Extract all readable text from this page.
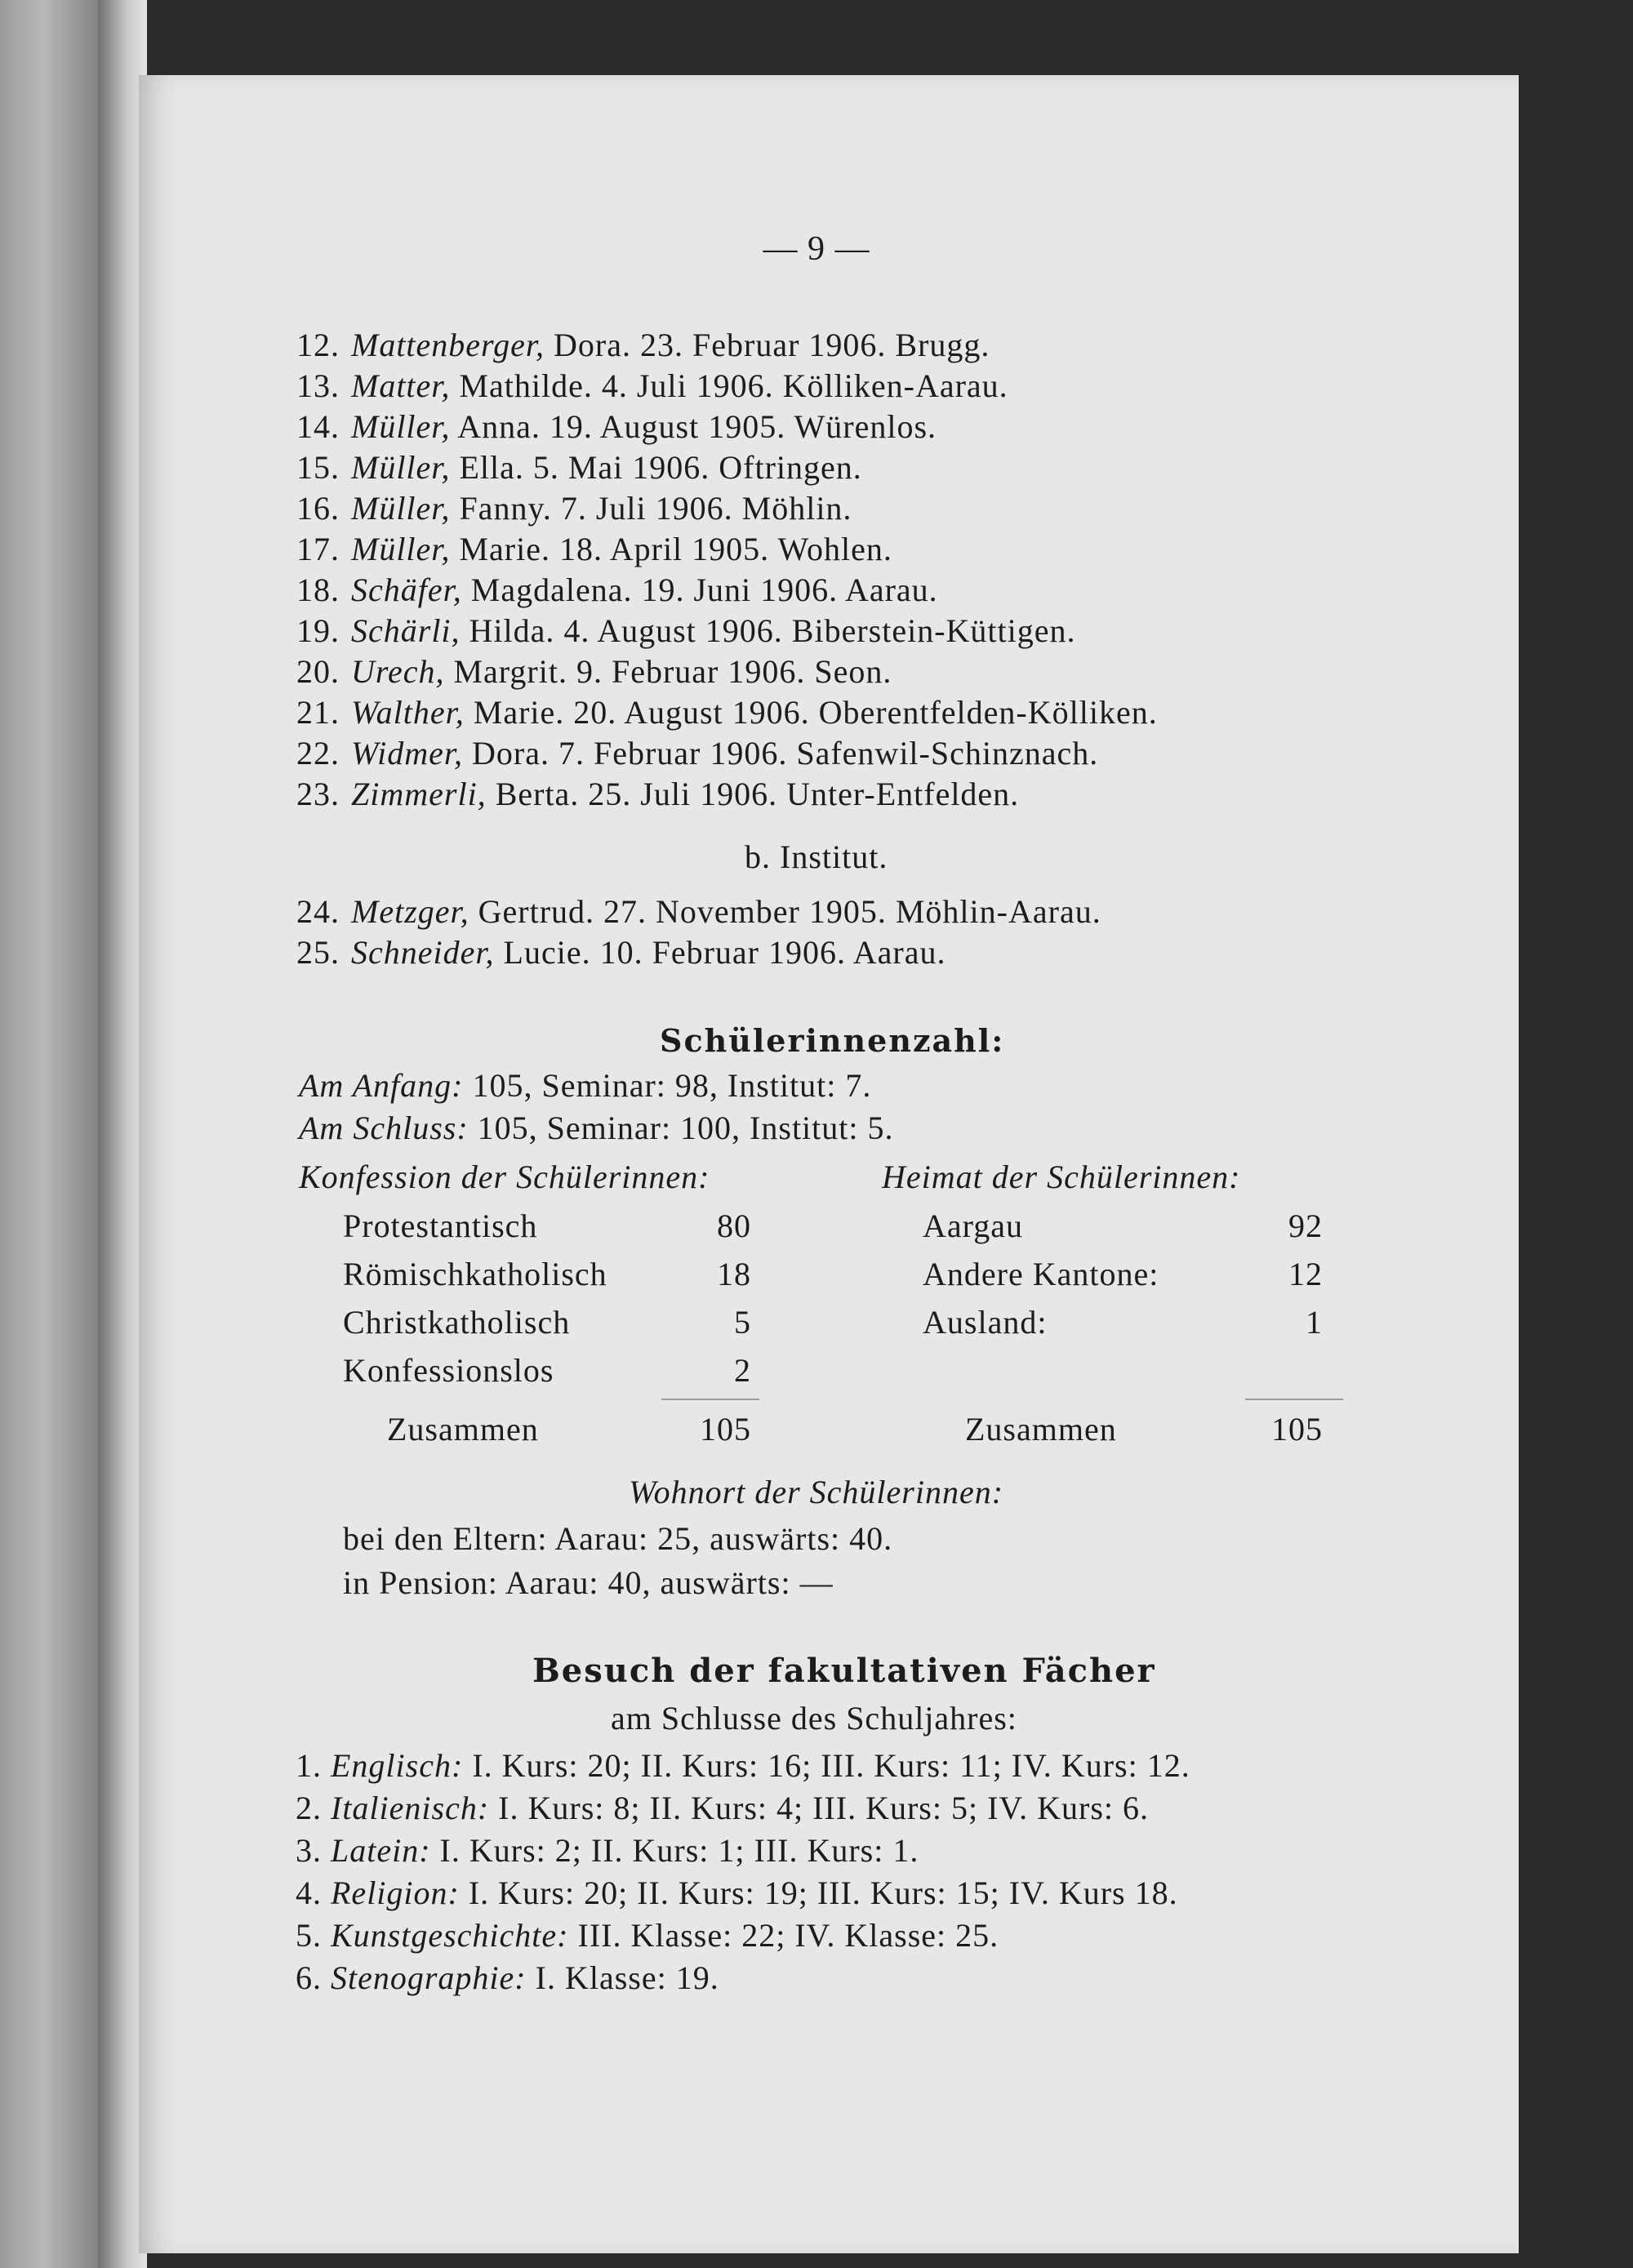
— 9 —
12. Mattenberger, Dora. 23. Februar 1906. Brugg.
13. Matter, Mathilde. 4. Juli 1906. Kölliken-Aarau.
14. Müller, Anna. 19. August 1905. Würenlos.
15. Müller, Ella. 5. Mai 1906. Oftringen.
16. Müller, Fanny. 7. Juli 1906. Möhlin.
17. Müller, Marie. 18. April 1905. Wohlen.
18. Schäfer, Magdalena. 19. Juni 1906. Aarau.
19. Schärli, Hilda. 4. August 1906. Biberstein-Küttigen.
20. Urech, Margrit. 9. Februar 1906. Seon.
21. Walther, Marie. 20. August 1906. Oberentfelden-Kölliken.
22. Widmer, Dora. 7. Februar 1906. Safenwil-Schinznach.
23. Zimmerli, Berta. 25. Juli 1906. Unter-Entfelden.
b. Institut.
24. Metzger, Gertrud. 27. November 1905. Möhlin-Aarau.
25. Schneider, Lucie. 10. Februar 1906. Aarau.
Schülerinnenzahl:
Am Anfang: 105, Seminar: 98, Institut: 7.
Am Schluss: 105, Seminar: 100, Institut: 5.
Konfession der Schülerinnen:
Protestantisch	80
Römischkatholisch	18
Christkatholisch	5
Konfessionslos	2
Zusammen	105
Heimat der Schülerinnen:
Aargau	92
Andere Kantone:	12
Ausland:	1
Zusammen	105
Wohnort der Schülerinnen:
bei den Eltern: Aarau: 25, auswärts: 40.
in Pension: Aarau: 40, auswärts: —
Besuch der fakultativen Fächer
am Schlusse des Schuljahres:
1. Englisch: I. Kurs: 20; II. Kurs: 16; III. Kurs: 11; IV. Kurs: 12.
2. Italienisch: I. Kurs: 8; II. Kurs: 4; III. Kurs: 5; IV. Kurs: 6.
3. Latein: I. Kurs: 2; II. Kurs: 1; III. Kurs: 1.
4. Religion: I. Kurs: 20; II. Kurs: 19; III. Kurs: 15; IV. Kurs 18.
5. Kunstgeschichte: III. Klasse: 22; IV. Klasse: 25.
6. Stenographie: I. Klasse: 19.
